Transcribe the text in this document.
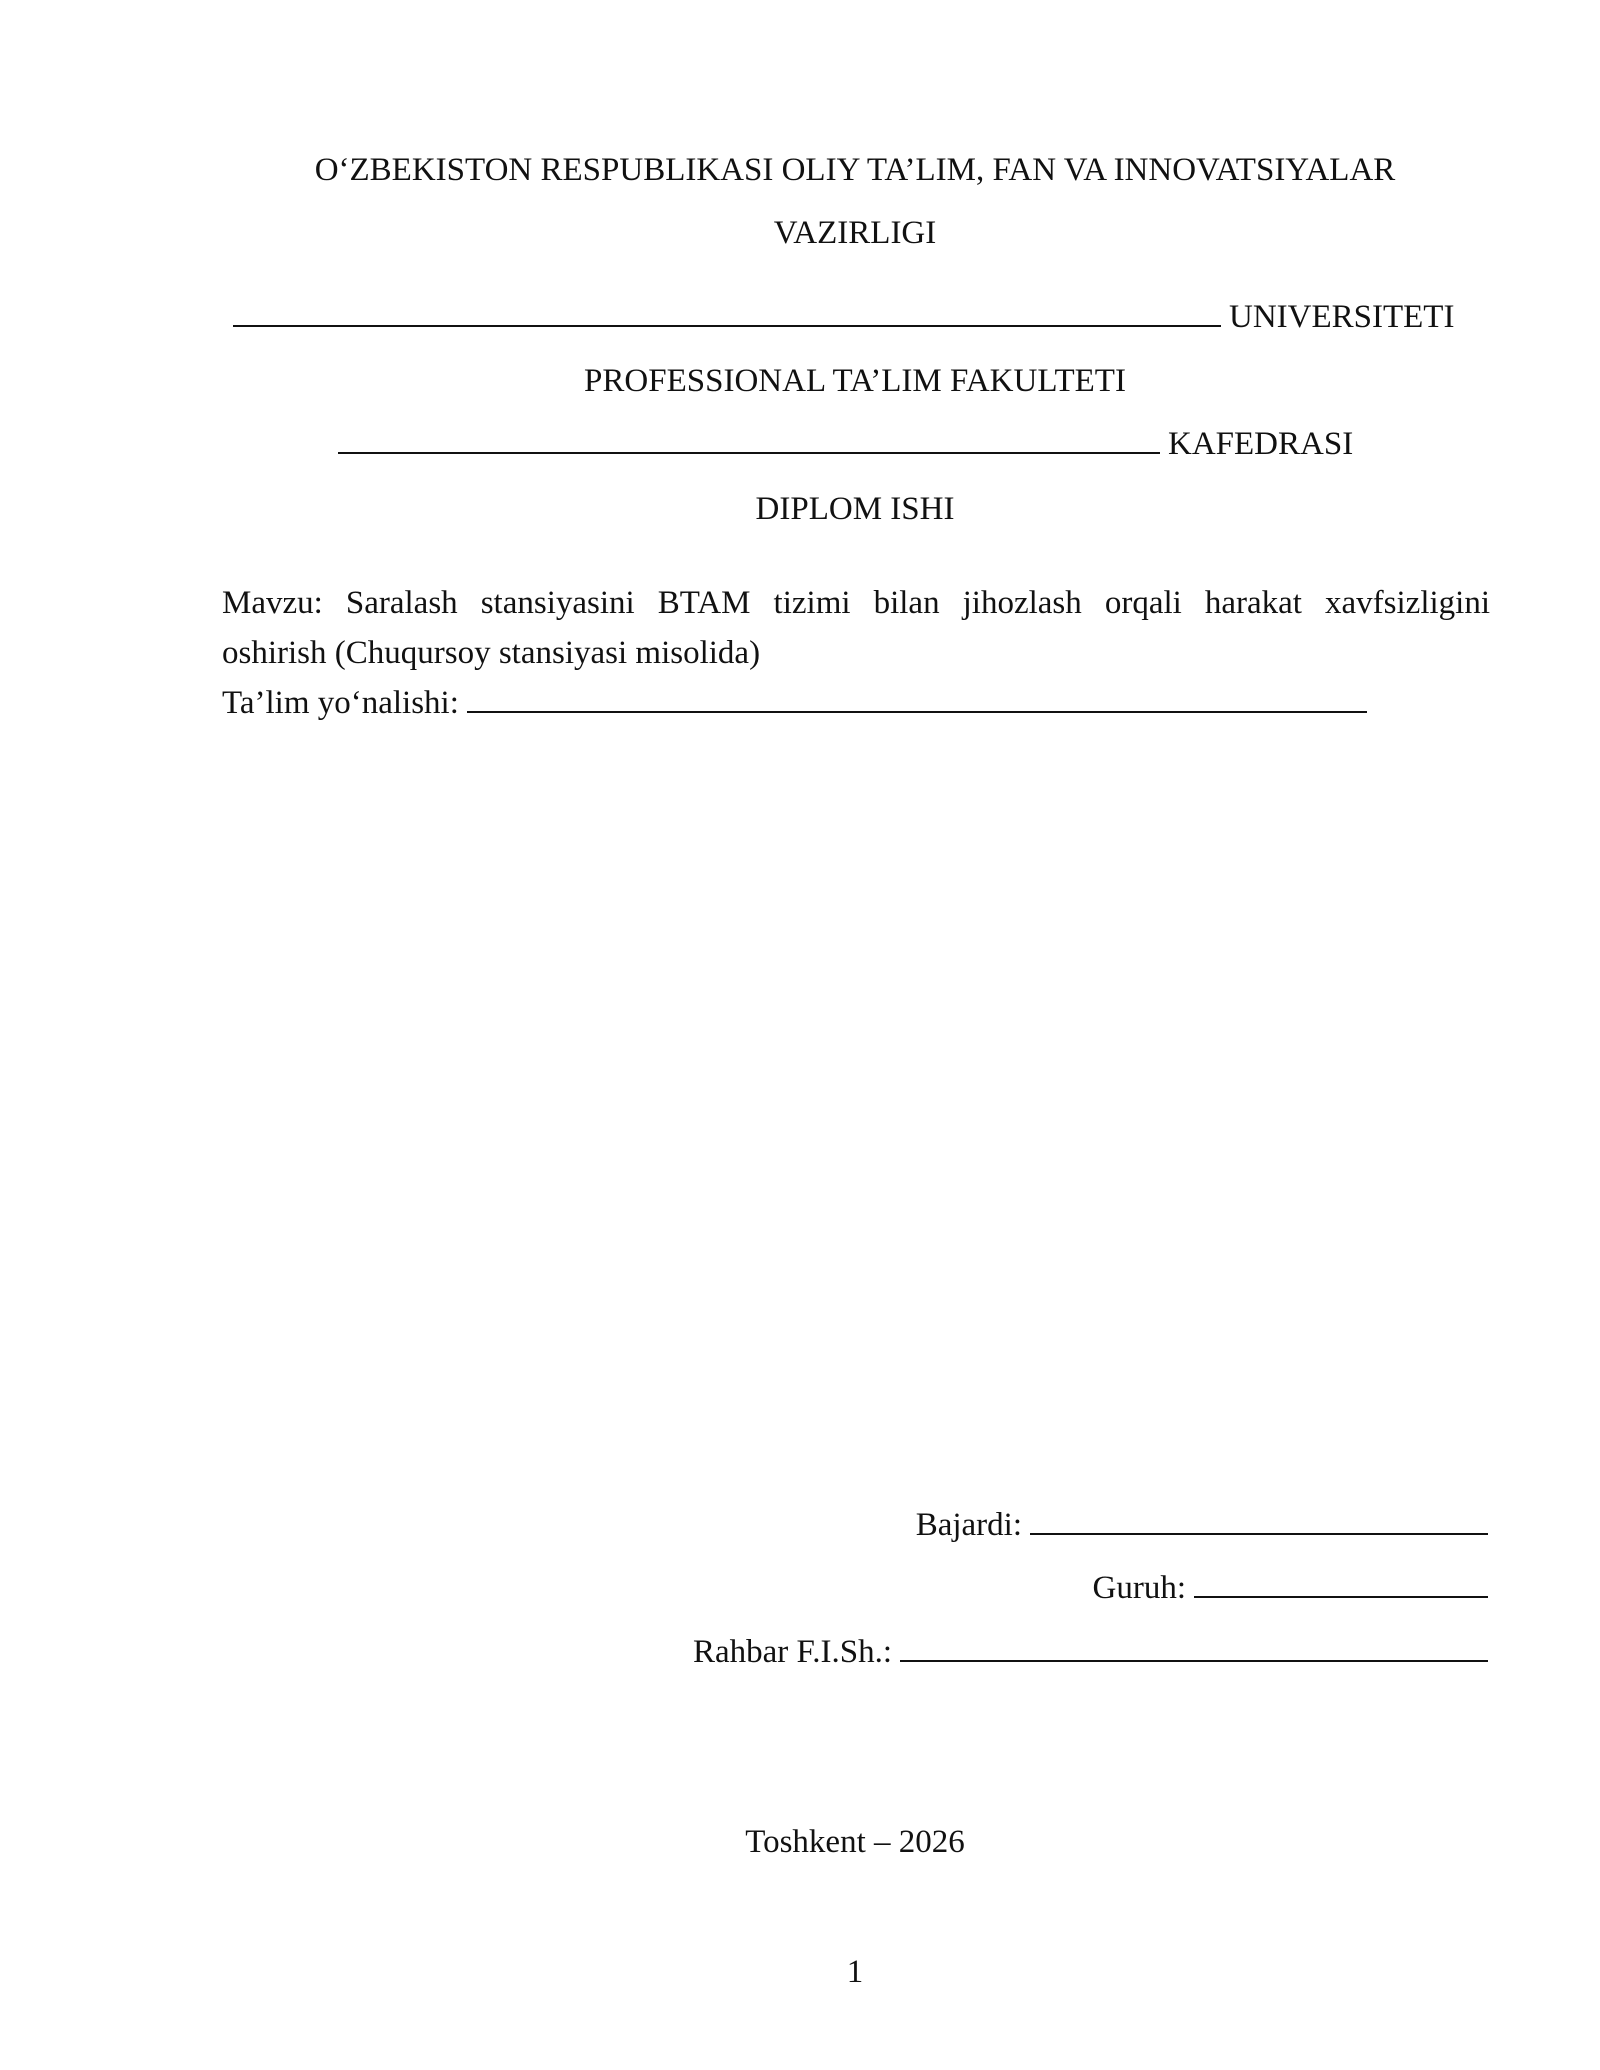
O‘ZBEKISTON RESPUBLIKASI OLIY TA’LIM, FAN VA INNOVATSIYALAR
VAZIRLIGI
UNIVERSITETI
PROFESSIONAL TA’LIM FAKULTETI
KAFEDRASI
DIPLOM ISHI
Mavzu: Saralash stansiyasini BTAM tizimi bilan jihozlash orqali harakat xavfsizligini
oshirish (Chuqursoy stansiyasi misolida)
Ta’lim yo‘nalishi:
Bajardi:
Guruh:
Rahbar F.I.Sh.:
Toshkent – 2026
1
